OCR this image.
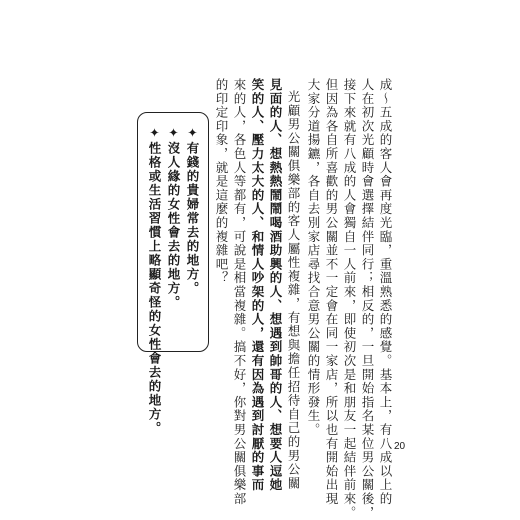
成～五成的客人會再度光臨，重溫熟悉的感覺。基本上，有八成以上的
人在初次光顧時會選擇結伴同行；相反的，一旦開始指名某位男公關後，
接下來就有八成的人會獨自一人前來，即使初次是和朋友一起結伴前來。
但因為各自所喜歡的男公關並不一定會在同一家店，所以也有開始出現
大家分道揚鑣，各自去別家店尋找合意男公關的情形發生。
光顧男公關俱樂部的客人屬性複雜，有想與擔任招待自己的男公關
見面的人、想熱熱鬧鬧喝酒助興的人、想遇到帥哥的人、想要人逗她
笑的人、壓力太大的人、和情人吵架的人，還有因為遇到討厭的事而
來的人，各色人等都有，可說是相當複雜。搞不好，你對男公關俱樂部
的印定印象，就是這麼的複雜吧？
✦有錢的貴婦常去的地方。
✦沒人緣的女性會去的地方。
✦性格或生活習慣上略顯奇怪的女性會去的地方。
20
